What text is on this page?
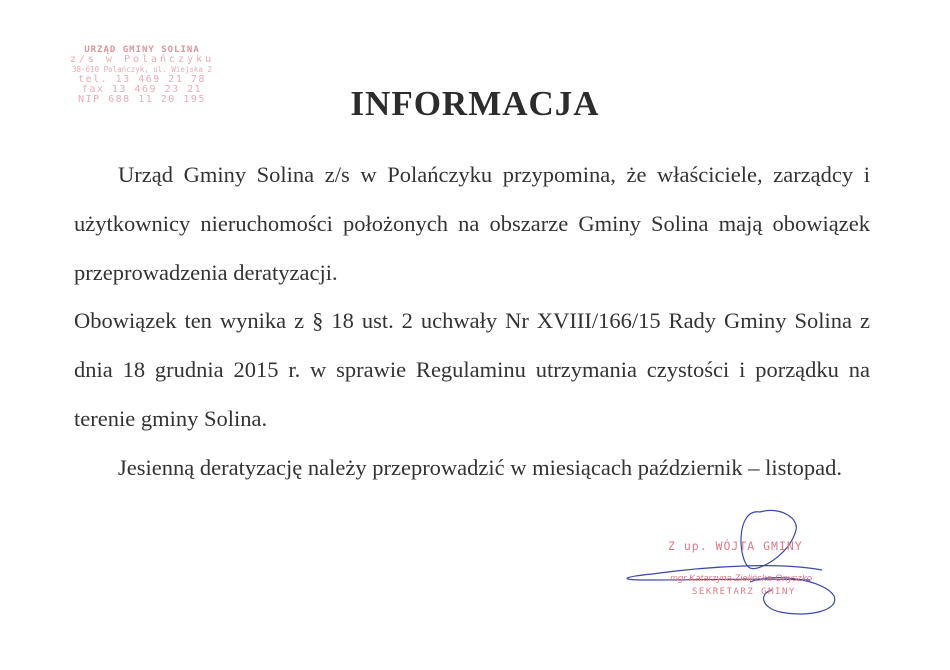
URZĄD GMINY SOLINA
z/s w Polańczyku
38-610 Polańczyk, ul. Wiejska 2
tel. 13 469 21 78
fax 13 469 23 21
NIP 688 11 20 195	INFORMACJA

Urząd Gminy Solina z/s w Polańczyku przypomina, że właściciele, zarządcy i użytkownicy nieruchomości położonych na obszarze Gminy Solina mają obowiązek przeprowadzenia deratyzacji.

Obowiązek ten wynika z § 18 ust. 2 uchwały Nr XVIII/166/15 Rady Gminy Solina z dnia 18 grudnia 2015 r. w sprawie Regulaminu utrzymania czystości i porządku na terenie gminy Solina.

Jesienną deratyzację należy przeprowadzić w miesiącach październik – listopad.

Z up. WÓJTA GMINY
mgr Katarzyna Zielińska-Onyszko
SEKRETARZ GMINY
